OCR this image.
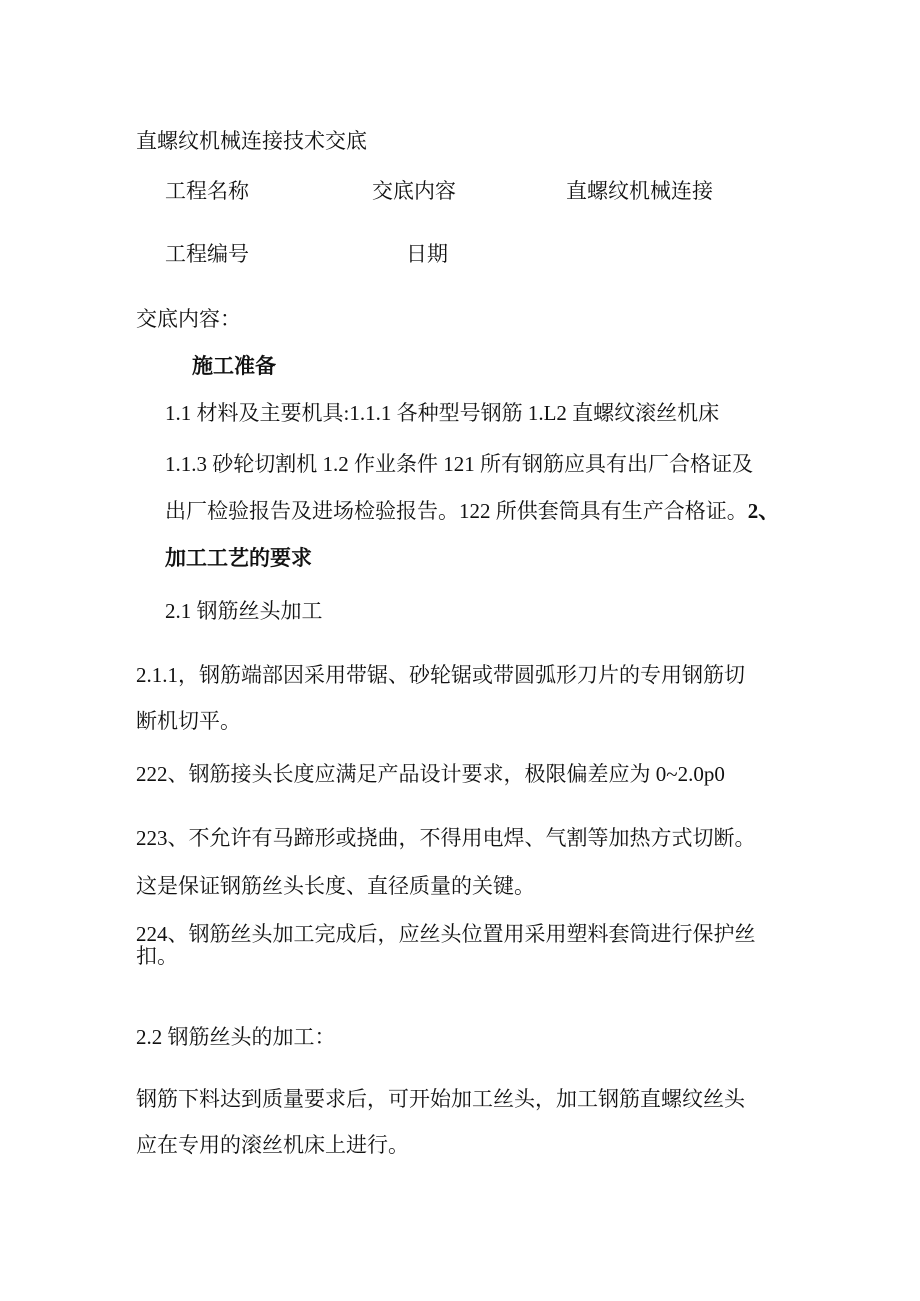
直螺纹机械连接技术交底
工程名称	交底内容	直螺纹机械连接
工程编号	日期
交底内容：
施工准备
1.1 材料及主要机具:1.1.1 各种型号钢筋 1.L2 直螺纹滚丝机床
1.1.3 砂轮切割机 1.2 作业条件 121 所有钢筋应具有出厂合格证及
出厂检验报告及进场检验报告。122 所供套筒具有生产合格证。2、
加工工艺的要求
2.1 钢筋丝头加工
2.1.1，钢筋端部因采用带锯、砂轮锯或带圆弧形刀片的专用钢筋切
断机切平。
222、钢筋接头长度应满足产品设计要求，极限偏差应为 0~2.0p0
223、不允许有马蹄形或挠曲，不得用电焊、气割等加热方式切断。
这是保证钢筋丝头长度、直径质量的关键。
224、钢筋丝头加工完成后，应丝头位置用采用塑料套筒进行保护丝
扣。
2.2 钢筋丝头的加工：
钢筋下料达到质量要求后，可开始加工丝头，加工钢筋直螺纹丝头
应在专用的滚丝机床上进行。
